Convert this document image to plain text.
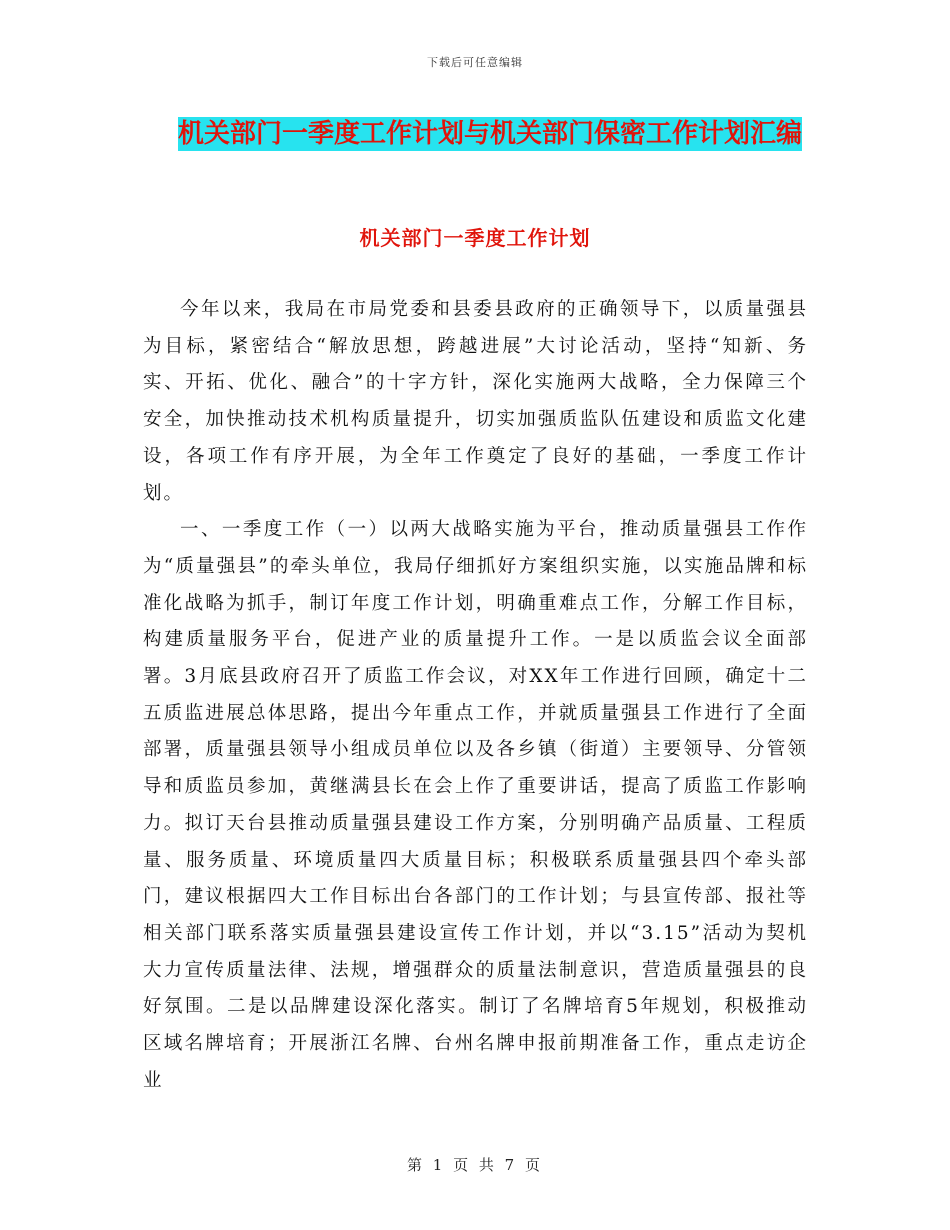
下载后可任意编辑
机关部门一季度工作计划与机关部门保密工作计划汇编
机关部门一季度工作计划

今年以来，我局在市局党委和县委县政府的正确领导下，以质量强县为目标，紧密结合“解放思想，跨越进展”大讨论活动，坚持“知新、务实、开拓、优化、融合”的十字方针，深化实施两大战略，全力保障三个安全，加快推动技术机构质量提升，切实加强质监队伍建设和质监文化建设，各项工作有序开展，为全年工作奠定了良好的基础，一季度工作计划。

一、一季度工作（一）以两大战略实施为平台，推动质量强县工作作为“质量强县”的牵头单位，我局仔细抓好方案组织实施，以实施品牌和标准化战略为抓手，制订年度工作计划，明确重难点工作，分解工作目标，构建质量服务平台，促进产业的质量提升工作。一是以质监会议全面部署。3月底县政府召开了质监工作会议，对XX年工作进行回顾，确定十二五质监进展总体思路，提出今年重点工作，并就质量强县工作进行了全面部署，质量强县领导小组成员单位以及各乡镇（街道）主要领导、分管领导和质监员参加，黄继满县长在会上作了重要讲话，提高了质监工作影响力。拟订天台县推动质量强县建设工作方案，分别明确产品质量、工程质量、服务质量、环境质量四大质量目标；积极联系质量强县四个牵头部门，建议根据四大工作目标出台各部门的工作计划；与县宣传部、报社等相关部门联系落实质量强县建设宣传工作计划，并以“3.15”活动为契机大力宣传质量法律、法规，增强群众的质量法制意识，营造质量强县的良好氛围。二是以品牌建设深化落实。制订了名牌培育5年规划，积极推动区域名牌培育；开展浙江名牌、台州名牌申报前期准备工作，重点走访企业

第 1 页 共 7 页
